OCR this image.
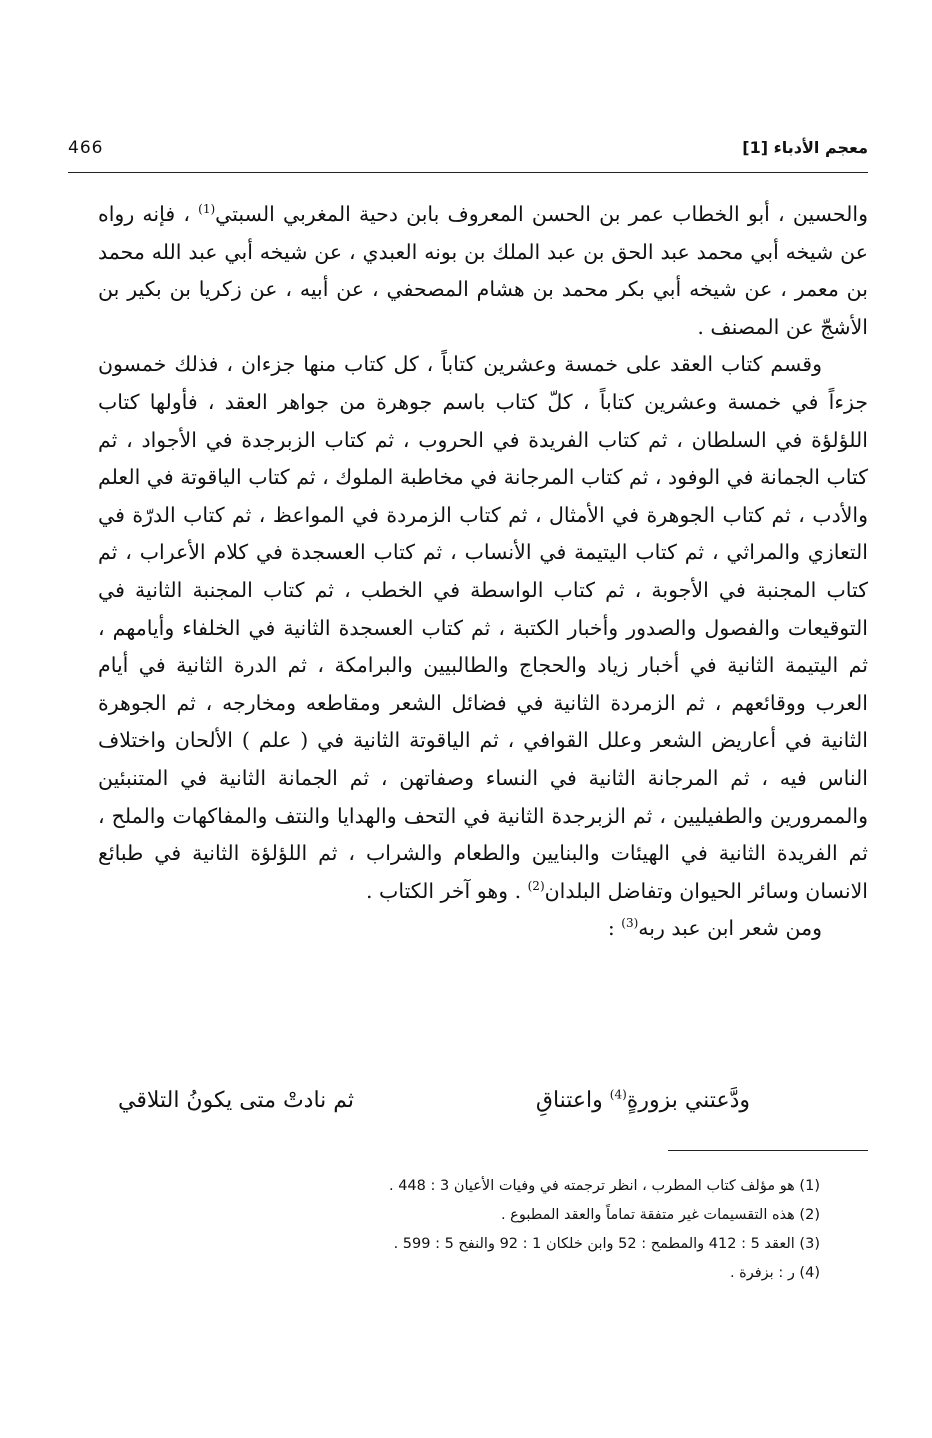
466	معجم الأدباء [1]

والحسين ، أبو الخطاب عمر بن الحسن المعروف بابن دحية المغربي السبتي$^{(1)}$ ، فإنه رواه عن شيخه أبي محمد عبد الحق بن عبد الملك بن بونه العبدي ، عن شيخه أبي عبد الله محمد بن معمر ، عن شيخه أبي بكر محمد بن هشام المصحفي ، عن أبيه ، عن زكريا بن بكير بن الأشجّ عن المصنف .

وقسم كتاب العقد على خمسة وعشرين كتاباً ، كل كتاب منها جزءان ، فذلك خمسون جزءاً في خمسة وعشرين كتاباً ، كلّ كتاب باسم جوهرة من جواهر العقد ، فأولها كتاب اللؤلؤة في السلطان ، ثم كتاب الفريدة في الحروب ، ثم كتاب الزبرجدة في الأجواد ، ثم كتاب الجمانة في الوفود ، ثم كتاب المرجانة في مخاطبة الملوك ، ثم كتاب الياقوتة في العلم والأدب ، ثم كتاب الجوهرة في الأمثال ، ثم كتاب الزمردة في المواعظ ، ثم كتاب الدرّة في التعازي والمراثي ، ثم كتاب اليتيمة في الأنساب ، ثم كتاب العسجدة في كلام الأعراب ، ثم كتاب المجنبة في الأجوبة ، ثم كتاب الواسطة في الخطب ، ثم كتاب المجنبة الثانية في التوقيعات والفصول والصدور وأخبار الكتبة ، ثم كتاب العسجدة الثانية في الخلفاء وأيامهم ، ثم اليتيمة الثانية في أخبار زياد والحجاج والطالبيين والبرامكة ، ثم الدرة الثانية في أيام العرب ووقائعهم ، ثم الزمردة الثانية في فضائل الشعر ومقاطعه ومخارجه ، ثم الجوهرة الثانية في أعاريض الشعر وعلل القوافي ، ثم الياقوتة الثانية في ( علم ) الألحان واختلاف الناس فيه ، ثم المرجانة الثانية في النساء وصفاتهن ، ثم الجمانة الثانية في المتنبئين والممرورين والطفيليين ، ثم الزبرجدة الثانية في التحف والهدايا والنتف والمفاكهات والملح ، ثم الفريدة الثانية في الهيئات والبنايين والطعام والشراب ، ثم اللؤلؤة الثانية في طبائع الانسان وسائر الحيوان وتفاضل البلدان$^{(2)}$ . وهو آخر الكتاب .

ومن شعر ابن عبد ربه$^{(3)}$ :

ودَّعتني بزورةٍ$^{(4)}$ واعتناقِ
ثم نادتْ متى يكونُ التلاقي
(1) هو مؤلف كتاب المطرب ، انظر ترجمته في وفيات الأعيان 3 : 448 .
(2) هذه التقسيمات غير متفقة تماماً والعقد المطبوع .
(3) العقد 5 : 412 والمطمح : 52 وابن خلكان 1 : 92 والنفح 5 : 599 .
(4) ر : بزفرة .
